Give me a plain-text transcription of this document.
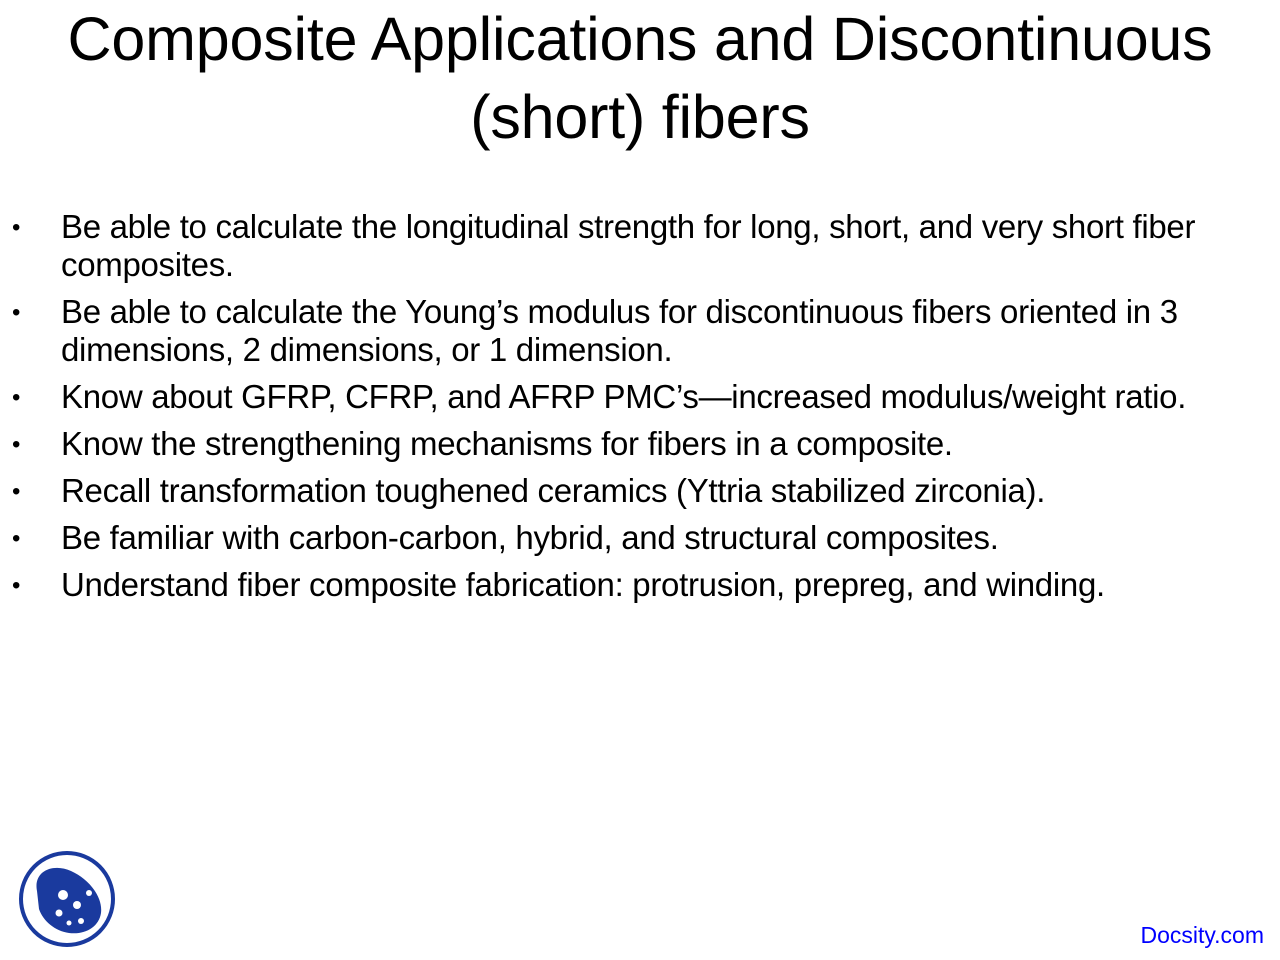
Composite Applications and Discontinuous
(short) fibers
• Be able to calculate the longitudinal strength for long, short, and very short fiber composites.
• Be able to calculate the Young’s modulus for discontinuous fibers oriented in 3 dimensions, 2 dimensions, or 1 dimension.
• Know about GFRP, CFRP, and AFRP PMC’s—increased modulus/weight ratio.
• Know the strengthening mechanisms for fibers in a composite.
• Recall transformation toughened ceramics (Yttria stabilized zirconia).
• Be familiar with carbon-carbon, hybrid, and structural composites.
• Understand fiber composite fabrication: protrusion, prepreg, and winding.
Docsity.com
